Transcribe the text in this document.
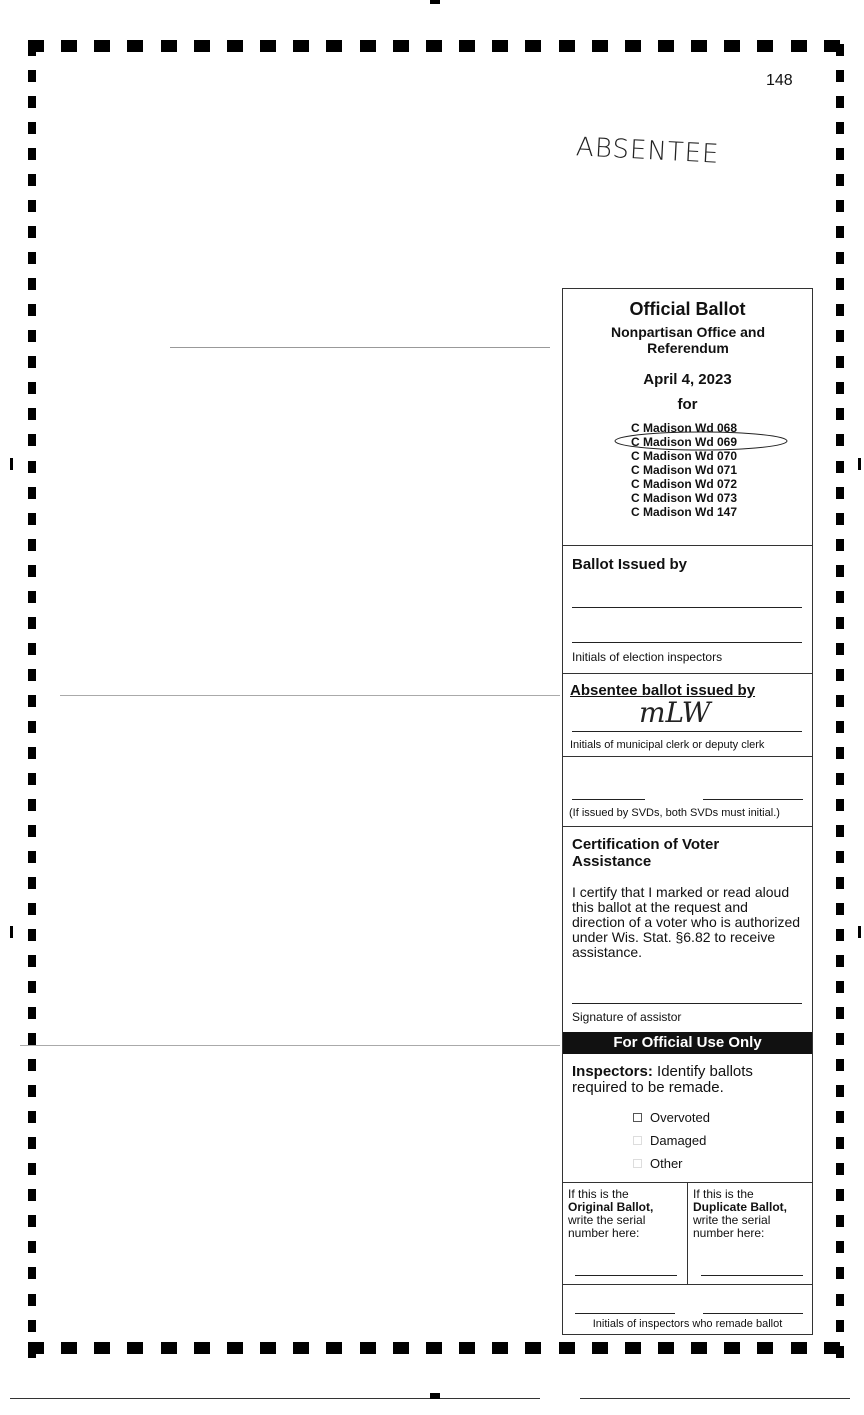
148
ABSENTEE
Official Ballot
Nonpartisan Office and Referendum
April 4, 2023
for
C Madison Wd 068
C Madison Wd 069
C Madison Wd 070
C Madison Wd 071
C Madison Wd 072
C Madison Wd 073
C Madison Wd 147
Ballot Issued by
Initials of election inspectors
Absentee ballot issued by
mLW
Initials of municipal clerk or deputy clerk
(If issued by SVDs, both SVDs must initial.)
Certification of Voter Assistance
I certify that I marked or read aloud this ballot at the request and direction of a voter who is authorized under Wis. Stat. §6.82 to receive assistance.
Signature of assistor
For Official Use Only
Inspectors: Identify ballots required to be remade.
Overvoted
Damaged
Other
If this is the
Original Ballot,
write the serial
number here:
If this is the
Duplicate Ballot,
write the serial
number here:
Initials of inspectors who remade ballot
